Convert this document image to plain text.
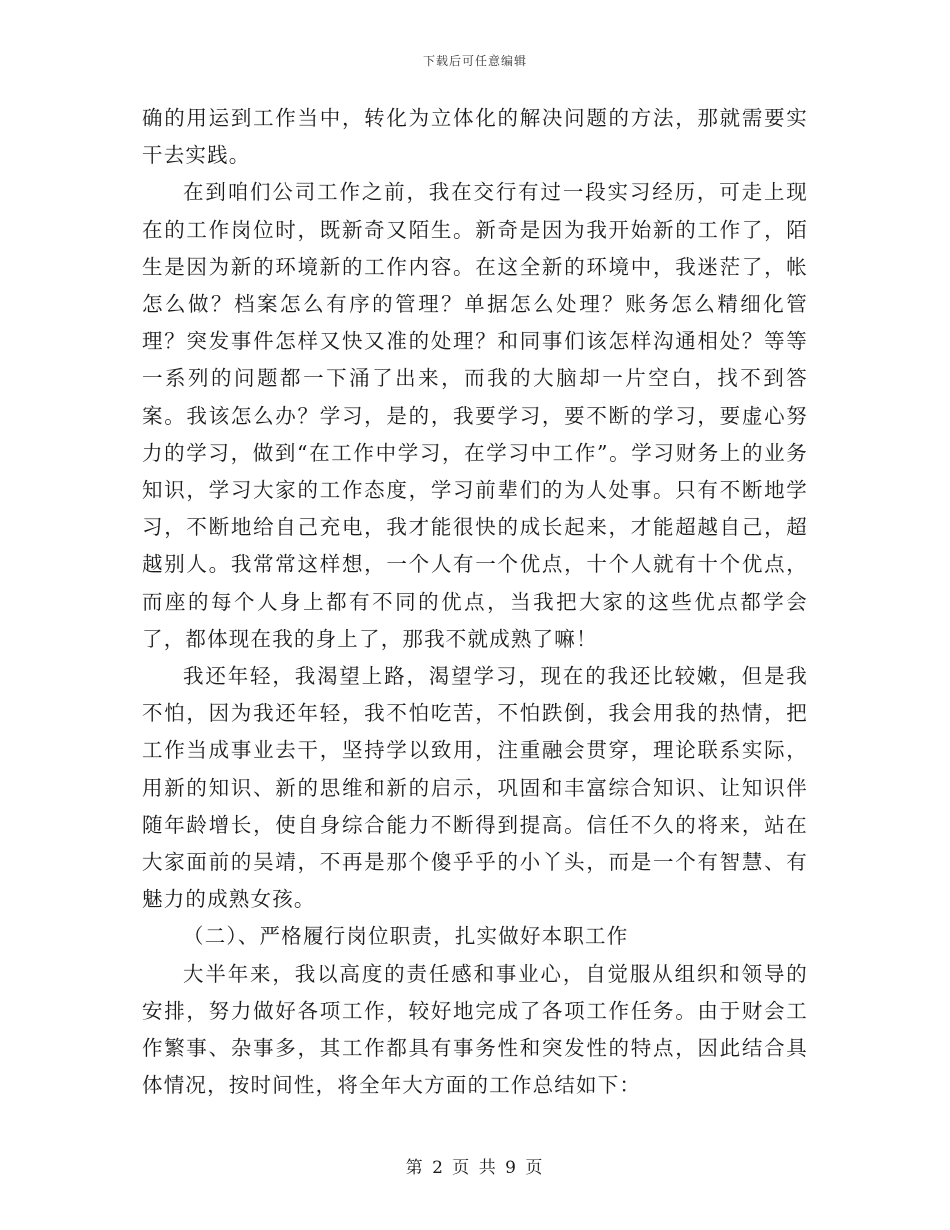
下载后可任意编辑

确的用运到工作当中，转化为立体化的解决问题的方法，那就需要实干去实践。

在到咱们公司工作之前，我在交行有过一段实习经历，可走上现在的工作岗位时，既新奇又陌生。新奇是因为我开始新的工作了，陌生是因为新的环境新的工作内容。在这全新的环境中，我迷茫了，帐怎么做？档案怎么有序的管理？单据怎么处理？账务怎么精细化管理？突发事件怎样又快又准的处理？和同事们该怎样沟通相处？等等一系列的问题都一下涌了出来，而我的大脑却一片空白，找不到答案。我该怎么办？学习，是的，我要学习，要不断的学习，要虚心努力的学习，做到“在工作中学习，在学习中工作”。学习财务上的业务知识，学习大家的工作态度，学习前辈们的为人处事。只有不断地学习，不断地给自己充电，我才能很快的成长起来，才能超越自己，超越别人。我常常这样想，一个人有一个优点，十个人就有十个优点，而座的每个人身上都有不同的优点，当我把大家的这些优点都学会了，都体现在我的身上了，那我不就成熟了嘛！

我还年轻，我渴望上路，渴望学习，现在的我还比较嫩，但是我不怕，因为我还年轻，我不怕吃苦，不怕跌倒，我会用我的热情，把工作当成事业去干，坚持学以致用，注重融会贯穿，理论联系实际，用新的知识、新的思维和新的启示，巩固和丰富综合知识、让知识伴随年龄增长，使自身综合能力不断得到提高。信任不久的将来，站在大家面前的吴靖，不再是那个傻乎乎的小丫头，而是一个有智慧、有魅力的成熟女孩。

（二）、严格履行岗位职责，扎实做好本职工作

大半年来，我以高度的责任感和事业心，自觉服从组织和领导的安排，努力做好各项工作，较好地完成了各项工作任务。由于财会工作繁事、杂事多，其工作都具有事务性和突发性的特点，因此结合具体情况，按时间性，将全年大方面的工作总结如下：

第 2 页 共 9 页
